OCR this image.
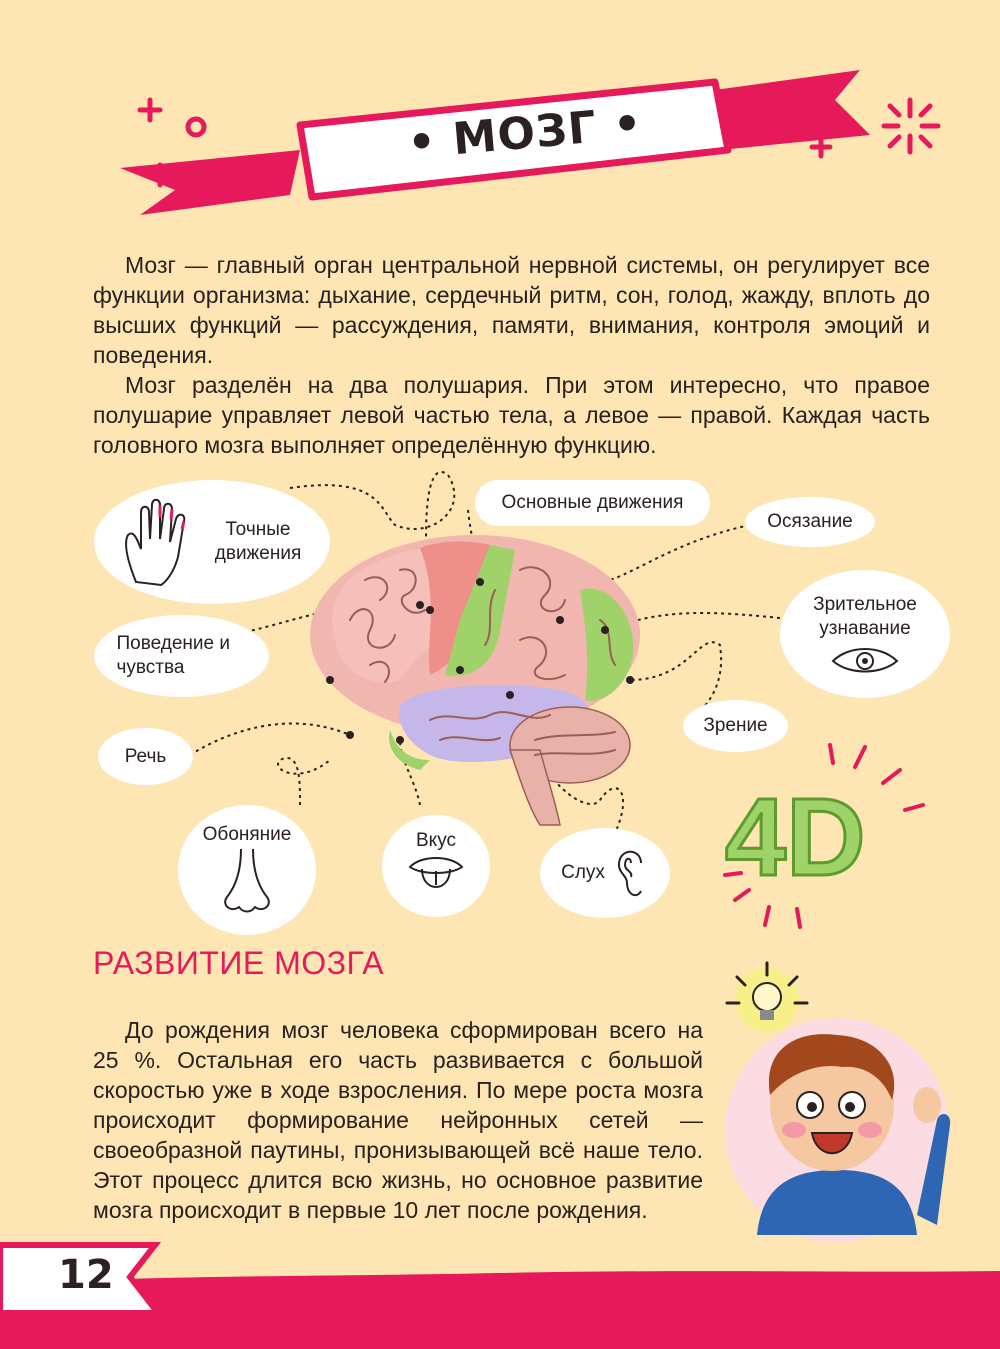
• МОЗГ •

Мозг — главный орган центральной нервной системы, он регулирует все функции организма: дыхание, сердечный ритм, сон, голод, жажду, вплоть до высших функций — рассуждения, памяти, внимания, контроля эмоций и поведения.

Мозг разделён на два полушария. При этом интересно, что правое полушарие управляет левой частью тела, а левое — правой. Каждая часть головного мозга выполняет определённую функцию.

Точные движения
Основные движения
Осязание
Зрительное узнавание
Поведение и чувства
Зрение
Речь
Обоняние	Вкус
Слух 4D
РАЗВИТИЕ МОЗГА

До рождения мозг человека сформирован всего на 25 %. Остальная его часть развивается с большой скоростью уже в ходе взросления. По мере роста мозга происходит формирование нейронных сетей — своеобразной паутины, пронизывающей всё наше тело. Этот процесс длится всю жизнь, но основное развитие мозга происходит в первые 10 лет после рождения.

12
